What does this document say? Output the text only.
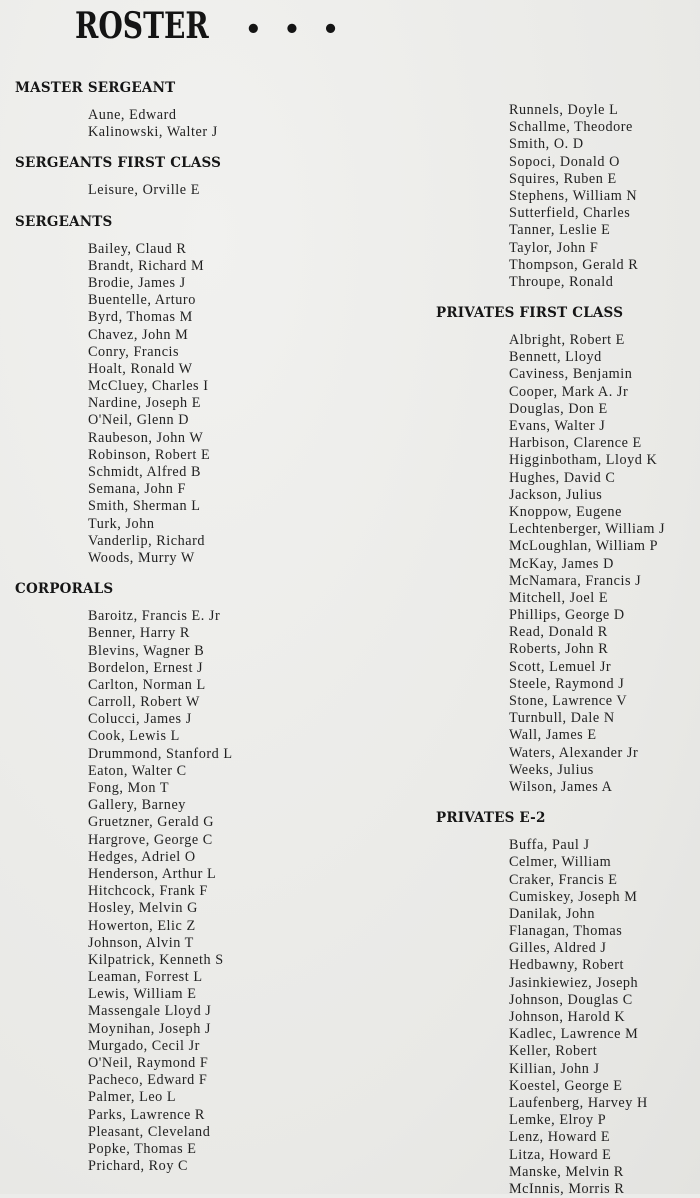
ROSTER •••
MASTER SERGEANT
Aune, Edward
Kalinowski, Walter J
SERGEANTS FIRST CLASS
Leisure, Orville E
SERGEANTS
Bailey, Claud R
Brandt, Richard M
Brodie, James J
Buentelle, Arturo
Byrd, Thomas M
Chavez, John M
Conry, Francis
Hoalt, Ronald W
McCluey, Charles I
Nardine, Joseph E
O'Neil, Glenn D
Raubeson, John W
Robinson, Robert E
Schmidt, Alfred B
Semana, John F
Smith, Sherman L
Turk, John
Vanderlip, Richard
Woods, Murry W
CORPORALS
Baroitz, Francis E. Jr
Benner, Harry R
Blevins, Wagner B
Bordelon, Ernest J
Carlton, Norman L
Carroll, Robert W
Colucci, James J
Cook, Lewis L
Drummond, Stanford L
Eaton, Walter C
Fong, Mon T
Gallery, Barney
Gruetzner, Gerald G
Hargrove, George C
Hedges, Adriel O
Henderson, Arthur L
Hitchcock, Frank F
Hosley, Melvin G
Howerton, Elic Z
Johnson, Alvin T
Kilpatrick, Kenneth S
Leaman, Forrest L
Lewis, William E
Massengale Lloyd J
Moynihan, Joseph J
Murgado, Cecil Jr
O'Neil, Raymond F
Pacheco, Edward F
Palmer, Leo L
Parks, Lawrence R
Pleasant, Cleveland
Popke, Thomas E
Prichard, Roy C
Runnels, Doyle L
Schallme, Theodore
Smith, O. D
Sopoci, Donald O
Squires, Ruben E
Stephens, William N
Sutterfield, Charles
Tanner, Leslie E
Taylor, John F
Thompson, Gerald R
Throupe, Ronald
PRIVATES FIRST CLASS
Albright, Robert E
Bennett, Lloyd
Caviness, Benjamin
Cooper, Mark A. Jr
Douglas, Don E
Evans, Walter J
Harbison, Clarence E
Higginbotham, Lloyd K
Hughes, David C
Jackson, Julius
Knoppow, Eugene
Lechtenberger, William J
McLoughlan, William P
McKay, James D
McNamara, Francis J
Mitchell, Joel E
Phillips, George D
Read, Donald R
Roberts, John R
Scott, Lemuel Jr
Steele, Raymond J
Stone, Lawrence V
Turnbull, Dale N
Wall, James E
Waters, Alexander Jr
Weeks, Julius
Wilson, James A
PRIVATES E-2
Buffa, Paul J
Celmer, William
Craker, Francis E
Cumiskey, Joseph M
Danilak, John
Flanagan, Thomas
Gilles, Aldred J
Hedbawny, Robert
Jasinkiewiez, Joseph
Johnson, Douglas C
Johnson, Harold K
Kadlec, Lawrence M
Keller, Robert
Killian, John J
Koestel, George E
Laufenberg, Harvey H
Lemke, Elroy P
Lenz, Howard E
Litza, Howard E
Manske, Melvin R
McInnis, Morris R
